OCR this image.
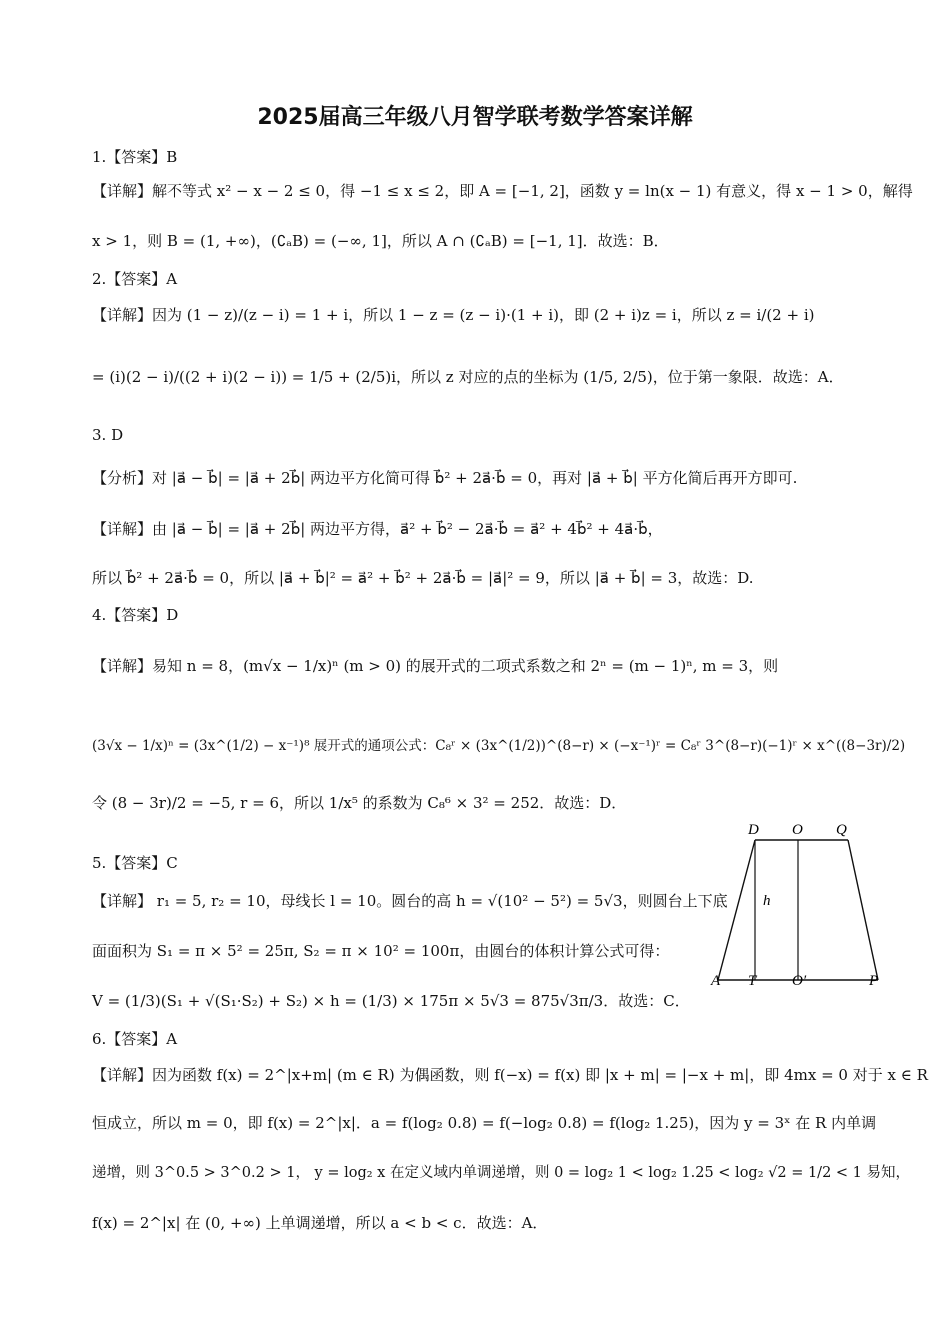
2025届高三年级八月智学联考数学答案详解
1.【答案】B
【详解】解不等式 x² − x − 2 ≤ 0，得 −1 ≤ x ≤ 2，即 A = [−1, 2]，函数 y = ln(x − 1) 有意义，得 x − 1 > 0，解得
x > 1，则 B = (1, +∞)，(∁ₐB) = (−∞, 1]，所以 A ∩ (∁ₐB) = [−1, 1]．故选：B．
2.【答案】A
【详解】因为 (1 − z)/(z − i) = 1 + i，所以 1 − z = (z − i)·(1 + i)，即 (2 + i)z = i，所以 z = i/(2 + i)
= (i)(2 − i)/((2 + i)(2 − i)) = 1/5 + (2/5)i，所以 z 对应的点的坐标为 (1/5, 2/5)，位于第一象限．故选：A．
3. D
【分析】对 |a⃗ − b⃗| = |a⃗ + 2b⃗| 两边平方化简可得 b⃗² + 2a⃗·b⃗ = 0，再对 |a⃗ + b⃗| 平方化简后再开方即可.
【详解】由 |a⃗ − b⃗| = |a⃗ + 2b⃗| 两边平方得，a⃗² + b⃗² − 2a⃗·b⃗ = a⃗² + 4b⃗² + 4a⃗·b⃗，
所以 b⃗² + 2a⃗·b⃗ = 0，所以 |a⃗ + b⃗|² = a⃗² + b⃗² + 2a⃗·b⃗ = |a⃗|² = 9，所以 |a⃗ + b⃗| = 3，故选：D.
4.【答案】D
【详解】易知 n = 8，(m√x − 1/x)ⁿ (m > 0) 的展开式的二项式系数之和 2ⁿ = (m − 1)ⁿ, m = 3，则
(3√x − 1/x)ⁿ = (3x^(1/2) − x⁻¹)⁸ 展开式的通项公式：C₈ʳ × (3x^(1/2))^(8−r) × (−x⁻¹)ʳ = C₈ʳ 3^(8−r)(−1)ʳ × x^((8−3r)/2)
令 (8 − 3r)/2 = −5, r = 6，所以 1/x⁵ 的系数为 C₈⁶ × 3² = 252．故选：D．
5.【答案】C
【详解】 r₁ = 5, r₂ = 10，母线长 l = 10。圆台的高 h = √(10² − 5²) = 5√3，则圆台上下底
面面积为 S₁ = π × 5² = 25π, S₂ = π × 10² = 100π，由圆台的体积计算公式可得：
V = (1/3)(S₁ + √(S₁·S₂) + S₂) × h = (1/3) × 175π × 5√3 = 875√3π/3．故选：C．
6.【答案】A
【详解】因为函数 f(x) = 2^|x+m| (m ∈ R) 为偶函数，则 f(−x) = f(x) 即 |x + m| = |−x + m|，即 4mx = 0 对于 x ∈ R
恒成立，所以 m = 0，即 f(x) = 2^|x|．a = f(log₂ 0.8) = f(−log₂ 0.8) = f(log₂ 1.25)，因为 y = 3ˣ 在 R 内单调
递增，则 3^0.5 > 3^0.2 > 1， y = log₂ x 在定义域内单调递增，则 0 = log₂ 1 < log₂ 1.25 < log₂ √2 = 1/2 < 1 易知，
f(x) = 2^|x| 在 (0, +∞) 上单调递增，所以 a < b < c．故选：A．
D O Q
h
A T O′	P
